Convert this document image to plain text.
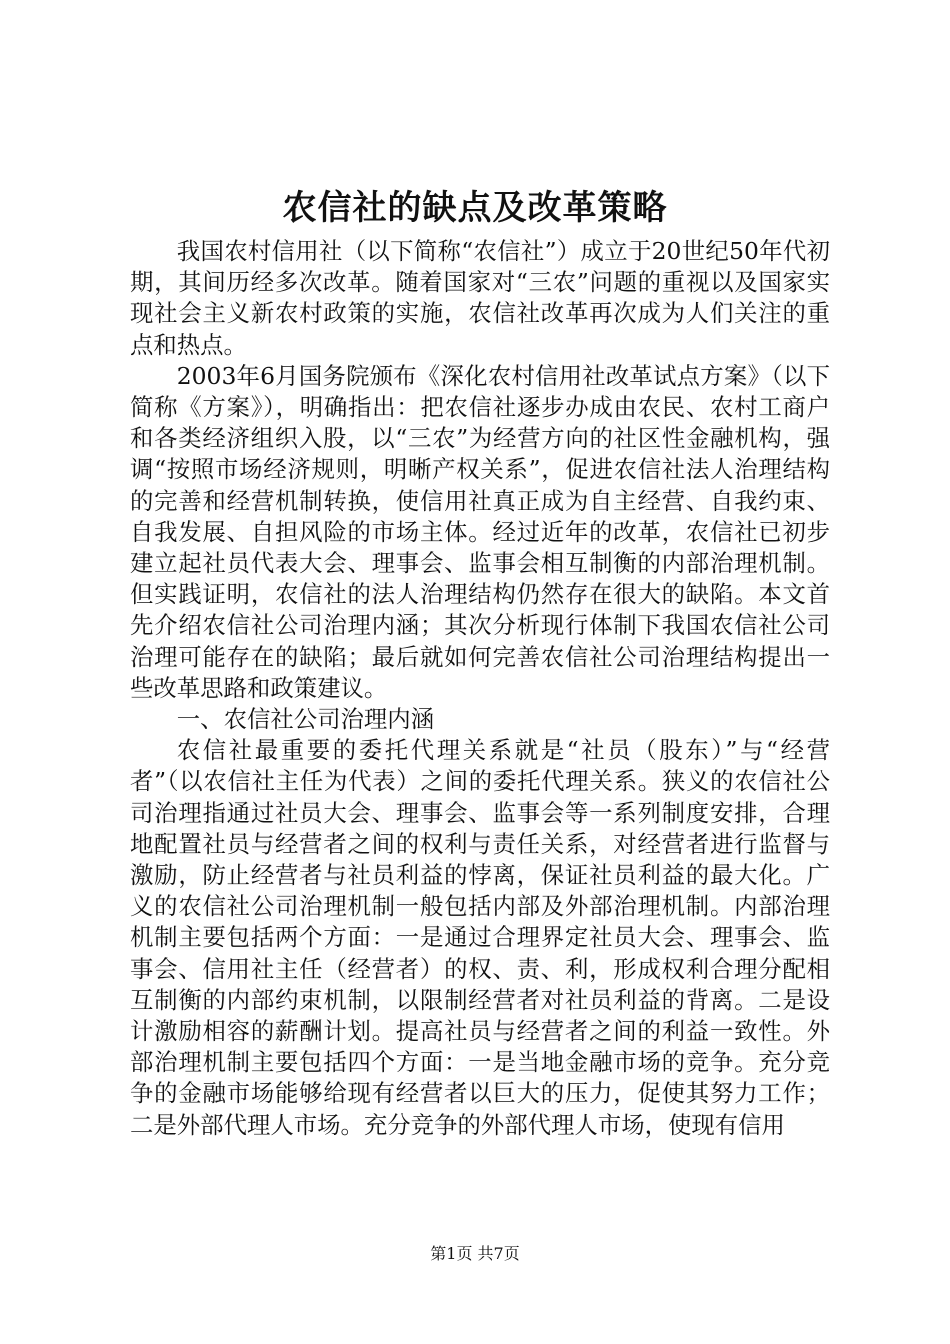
农信社的缺点及改革策略

我国农村信用社（以下简称“农信社”）成立于20世纪50年代初期，其间历经多次改革。随着国家对“三农”问题的重视以及国家实现社会主义新农村政策的实施，农信社改革再次成为人们关注的重点和热点。

2003年6月国务院颁布《深化农村信用社改革试点方案》（以下简称《方案》），明确指出：把农信社逐步办成由农民、农村工商户和各类经济组织入股，以“三农”为经营方向的社区性金融机构，强调“按照市场经济规则，明晰产权关系”，促进农信社法人治理结构的完善和经营机制转换，使信用社真正成为自主经营、自我约束、自我发展、自担风险的市场主体。经过近年的改革，农信社已初步建立起社员代表大会、理事会、监事会相互制衡的内部治理机制。但实践证明，农信社的法人治理结构仍然存在很大的缺陷。本文首先介绍农信社公司治理内涵；其次分析现行体制下我国农信社公司治理可能存在的缺陷；最后就如何完善农信社公司治理结构提出一些改革思路和政策建议。

一、农信社公司治理内涵

农信社最重要的委托代理关系就是“社员（股东）”与“经营者”（以农信社主任为代表）之间的委托代理关系。狭义的农信社公司治理指通过社员大会、理事会、监事会等一系列制度安排，合理地配置社员与经营者之间的权利与责任关系，对经营者进行监督与激励，防止经营者与社员利益的悖离，保证社员利益的最大化。广义的农信社公司治理机制一般包括内部及外部治理机制。内部治理机制主要包括两个方面：一是通过合理界定社员大会、理事会、监事会、信用社主任（经营者）的权、责、利，形成权利合理分配相互制衡的内部约束机制，以限制经营者对社员利益的背离。二是设计激励相容的薪酬计划。提高社员与经营者之间的利益一致性。外部治理机制主要包括四个方面：一是当地金融市场的竞争。充分竞争的金融市场能够给现有经营者以巨大的压力，促使其努力工作；二是外部代理人市场。充分竞争的外部代理人市场，使现有信用

第1页 共7页
